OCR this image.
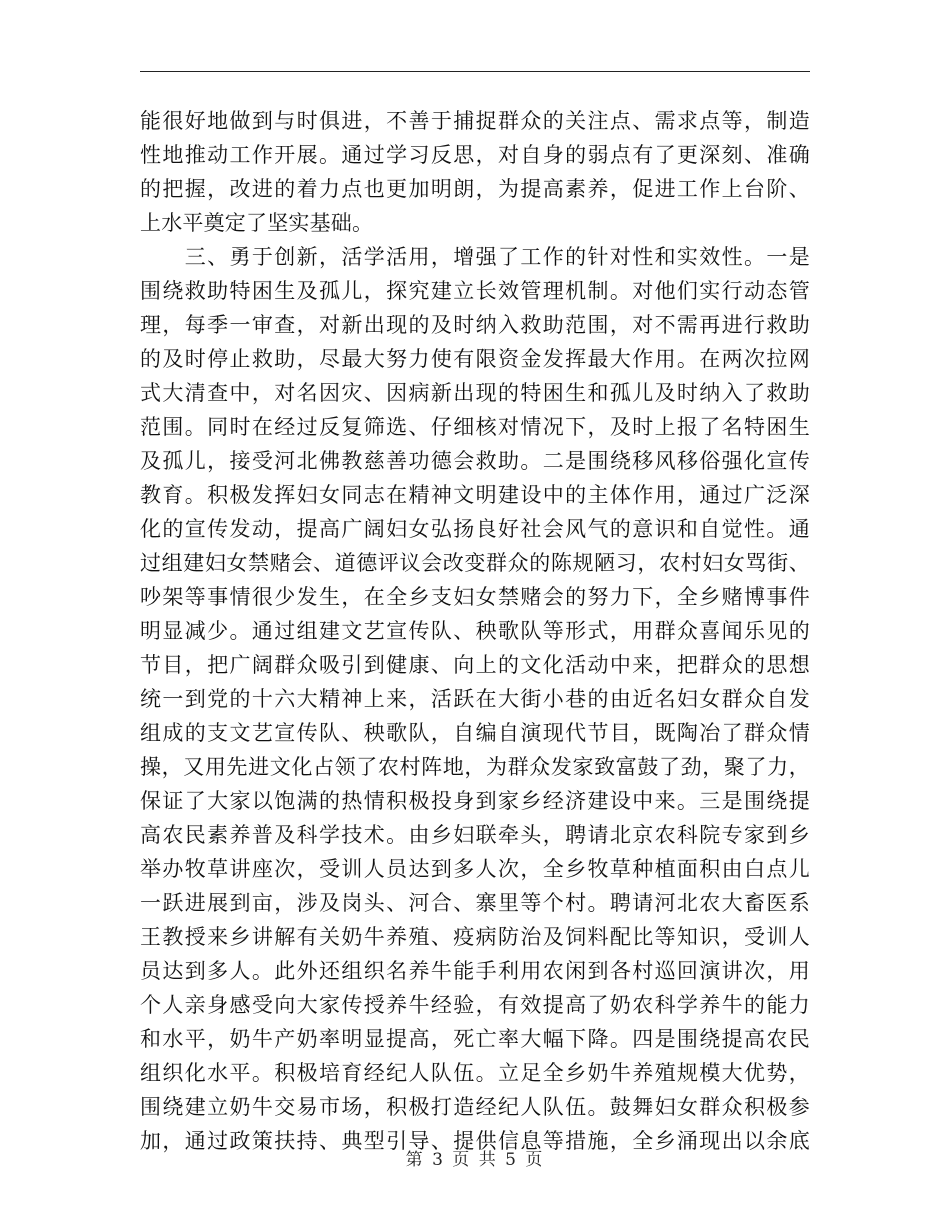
能很好地做到与时俱进，不善于捕捉群众的关注点、需求点等，制造
性地推动工作开展。通过学习反思，对自身的弱点有了更深刻、准确
的把握，改进的着力点也更加明朗，为提高素养，促进工作上台阶、
上水平奠定了坚实基础。
　　三、勇于创新，活学活用，增强了工作的针对性和实效性。一是
围绕救助特困生及孤儿，探究建立长效管理机制。对他们实行动态管
理，每季一审查，对新出现的及时纳入救助范围，对不需再进行救助
的及时停止救助，尽最大努力使有限资金发挥最大作用。在两次拉网
式大清查中，对名因灾、因病新出现的特困生和孤儿及时纳入了救助
范围。同时在经过反复筛选、仔细核对情况下，及时上报了名特困生
及孤儿，接受河北佛教慈善功德会救助。二是围绕移风移俗强化宣传
教育。积极发挥妇女同志在精神文明建设中的主体作用，通过广泛深
化的宣传发动，提高广阔妇女弘扬良好社会风气的意识和自觉性。通
过组建妇女禁赌会、道德评议会改变群众的陈规陋习，农村妇女骂街、
吵架等事情很少发生，在全乡支妇女禁赌会的努力下，全乡赌博事件
明显减少。通过组建文艺宣传队、秧歌队等形式，用群众喜闻乐见的
节目，把广阔群众吸引到健康、向上的文化活动中来，把群众的思想
统一到党的十六大精神上来，活跃在大街小巷的由近名妇女群众自发
组成的支文艺宣传队、秧歌队，自编自演现代节目，既陶冶了群众情
操，又用先进文化占领了农村阵地，为群众发家致富鼓了劲，聚了力，
保证了大家以饱满的热情积极投身到家乡经济建设中来。三是围绕提
高农民素养普及科学技术。由乡妇联牵头，聘请北京农科院专家到乡
举办牧草讲座次，受训人员达到多人次，全乡牧草种植面积由白点儿
一跃进展到亩，涉及岗头、河合、寨里等个村。聘请河北农大畜医系
王教授来乡讲解有关奶牛养殖、疫病防治及饲料配比等知识，受训人
员达到多人。此外还组织名养牛能手利用农闲到各村巡回演讲次，用
个人亲身感受向大家传授养牛经验，有效提高了奶农科学养牛的能力
和水平，奶牛产奶率明显提高，死亡率大幅下降。四是围绕提高农民
组织化水平。积极培育经纪人队伍。立足全乡奶牛养殖规模大优势，
围绕建立奶牛交易市场，积极打造经纪人队伍。鼓舞妇女群众积极参
加，通过政策扶持、典型引导、提供信息等措施，全乡涌现出以余底
第 3 页 共 5 页
